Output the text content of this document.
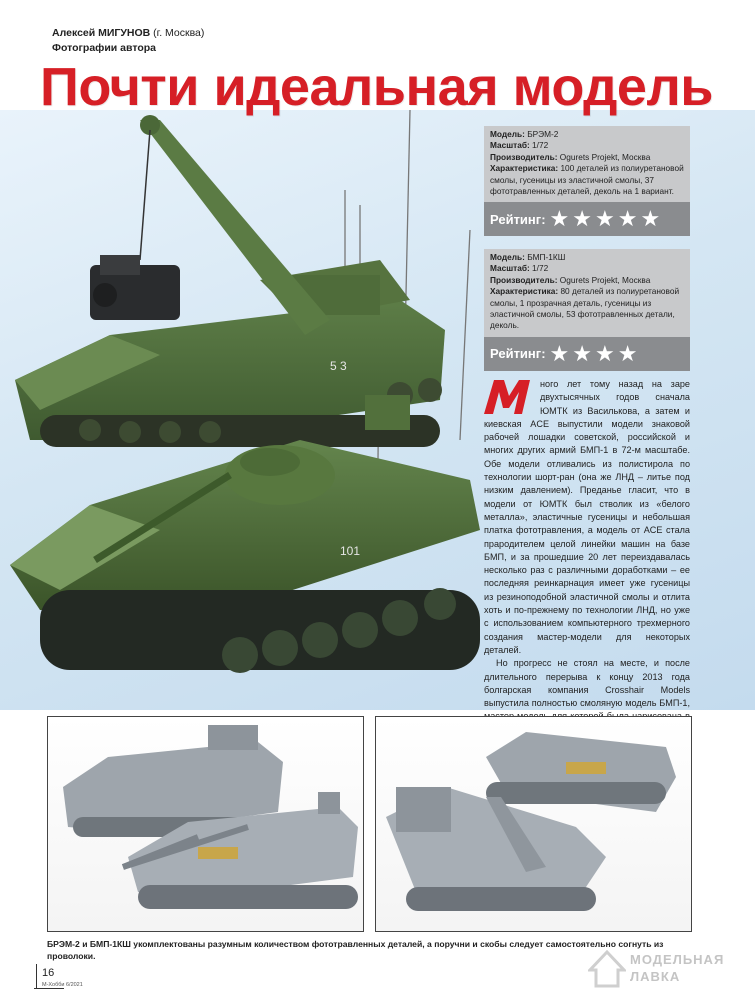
5 3
101
Алексей МИГУНОВ (г. Москва)
Фотографии автора
Почти идеальная модель
Модель: БРЭМ-2
Масштаб: 1/72
Производитель: Ogurets Projekt, Москва
Характеристика: 100 деталей из полиуретановой смолы, гусеницы из эластичной смолы, 37 фототравленных деталей, деколь на 1 вариант.
Рейтинг: ★ ★ ★ ★ ★
Модель: БМП-1КШ
Масштаб: 1/72
Производитель: Ogurets Projekt, Москва
Характеристика: 80 деталей из полиуретановой смолы, 1 прозрачная деталь, гусеницы из эластичной смолы, 53 фототравленных детали, деколь.
Рейтинг: ★ ★ ★ ★

ного лет тому назад на заре двухтысячных годов сначала ЮМТК из Василькова, а затем и киевская ACE выпустили модели знаковой рабочей лошадки советской, российской и многих других армий БМП-1 в 72-м масштабе. Обе модели отливались из полистирола по технологии шорт-ран (она же ЛНД – литье под низким давлением). Преданье гласит, что в модели от ЮМТК был стволик из «белого металла», эластичные гусеницы и небольшая платка фототравления, а модель от ACE стала прародителем целой линейки машин на базе БМП, и за прошедшие 20 лет переиздавалась несколько раз с различными доработками – ее последняя реинкарнация имеет уже гусеницы из резиноподобной эластичной смолы и отлита хоть и по-прежнему по технологии ЛНД, но уже с использованием компьютерного трехмерного создания мастер-модели для некоторых деталей.

Но прогресс не стоял на месте, и после длительного перерыва к концу 2013 года болгарская компания Crosshair Models выпустила полностью смоляную модель БМП-1,

БРЭМ-2 и БМП-1КШ укомплектованы разумным количеством фототравленных деталей, а поручни и скобы следует самостоятельно согнуть из проволоки.
16
М-Хобби 6/2021
МОДЕЛЬНАЯ
ЛАВКА
